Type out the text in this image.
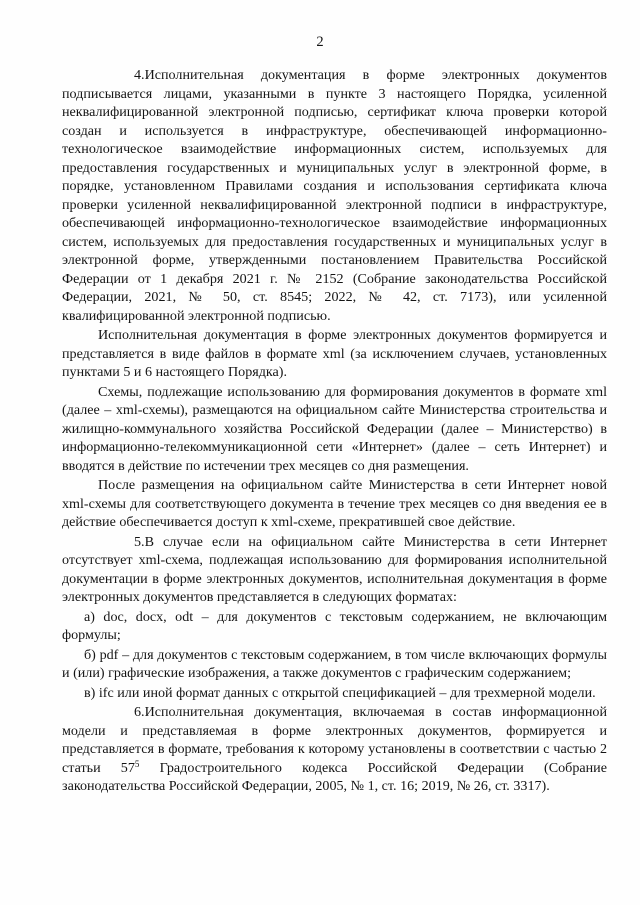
2

4.Исполнительная документация в форме электронных документов подписывается лицами, указанными в пункте 3 настоящего Порядка, усиленной неквалифицированной электронной подписью, сертификат ключа проверки которой создан и используется в инфраструктуре, обеспечивающей информационно-технологическое взаимодействие информационных систем, используемых для предоставления государственных и муниципальных услуг в электронной форме, в порядке, установленном Правилами создания и использования сертификата ключа проверки усиленной неквалифицированной электронной подписи в инфраструктуре, обеспечивающей информационно-технологическое взаимодействие информационных систем, используемых для предоставления государственных и муниципальных услуг в электронной форме, утвержденными постановлением Правительства Российской Федерации от 1 декабря 2021 г. № 2152 (Собрание законодательства Российской Федерации, 2021, № 50, ст. 8545; 2022, № 42, ст. 7173), или усиленной квалифицированной электронной подписью.

Исполнительная документация в форме электронных документов формируется и представляется в виде файлов в формате xml (за исключением случаев, установленных пунктами 5 и 6 настоящего Порядка).

Схемы, подлежащие использованию для формирования документов в формате xml (далее – xml-схемы), размещаются на официальном сайте Министерства строительства и жилищно-коммунального хозяйства Российской Федерации (далее – Министерство) в информационно-телекоммуникационной сети «Интернет» (далее – сеть Интернет) и вводятся в действие по истечении трех месяцев со дня размещения.

После размещения на официальном сайте Министерства в сети Интернет новой xml-схемы для соответствующего документа в течение трех месяцев со дня введения ее в действие обеспечивается доступ к xml-схеме, прекратившей свое действие.

5.В случае если на официальном сайте Министерства в сети Интернет отсутствует xml-схема, подлежащая использованию для формирования исполнительной документации в форме электронных документов, исполнительная документация в форме электронных документов представляется в следующих форматах:

а) doc, docx, odt – для документов с текстовым содержанием, не включающим формулы;

б) pdf – для документов с текстовым содержанием, в том числе включающих формулы и (или) графические изображения, а также документов с графическим содержанием;

в) ifc или иной формат данных с открытой спецификацией – для трехмерной модели.

6.Исполнительная документация, включаемая в состав информационной модели и представляемая в форме электронных документов, формируется и представляется в формате, требования к которому установлены в соответствии с частью 2 статьи $57^5$ Градостроительного кодекса Российской Федерации (Собрание законодательства Российской Федерации, 2005, № 1, ст. 16; 2019, № 26, ст. 3317).
